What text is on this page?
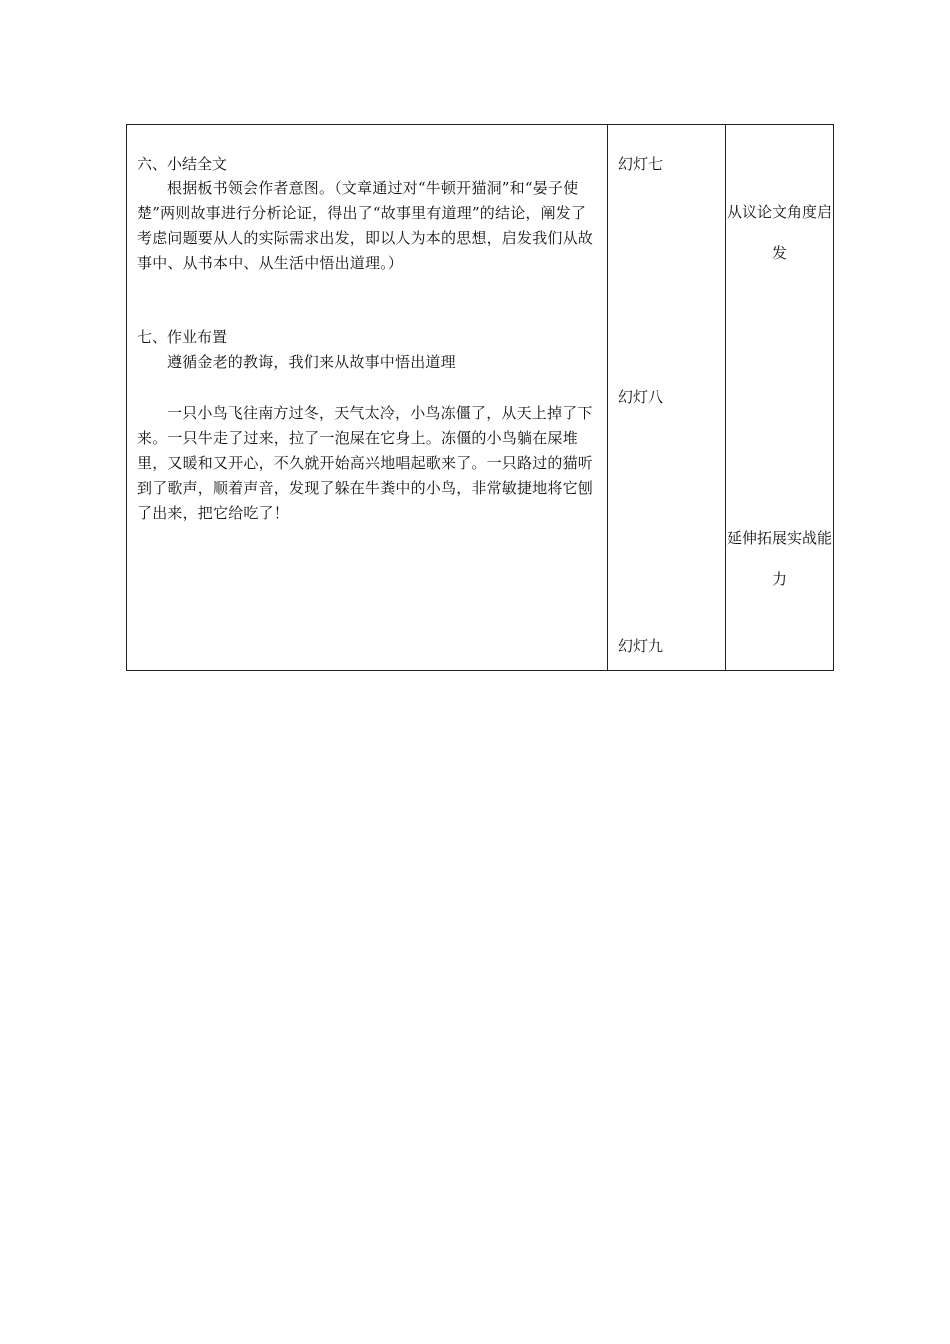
六、小结全文
根据板书领会作者意图。（文章通过对“牛顿开猫洞”和“晏子使楚”两则故事进行分析论证，得出了“故事里有道理”的结论，阐发了考虑问题要从人的实际需求出发，即以人为本的思想，启发我们从故事中、从书本中、从生活中悟出道理。）
七、作业布置
遵循金老的教诲，我们来从故事中悟出道理
一只小鸟飞往南方过冬，天气太冷，小鸟冻僵了，从天上掉了下来。一只牛走了过来，拉了一泡屎在它身上。冻僵的小鸟躺在屎堆里，又暖和又开心，不久就开始高兴地唱起歌来了。一只路过的猫听到了歌声，顺着声音，发现了躲在牛粪中的小鸟，非常敏捷地将它刨了出来，把它给吃了！
幻灯七
幻灯八
幻灯九
从议论文角度启发
延伸拓展实战能力
